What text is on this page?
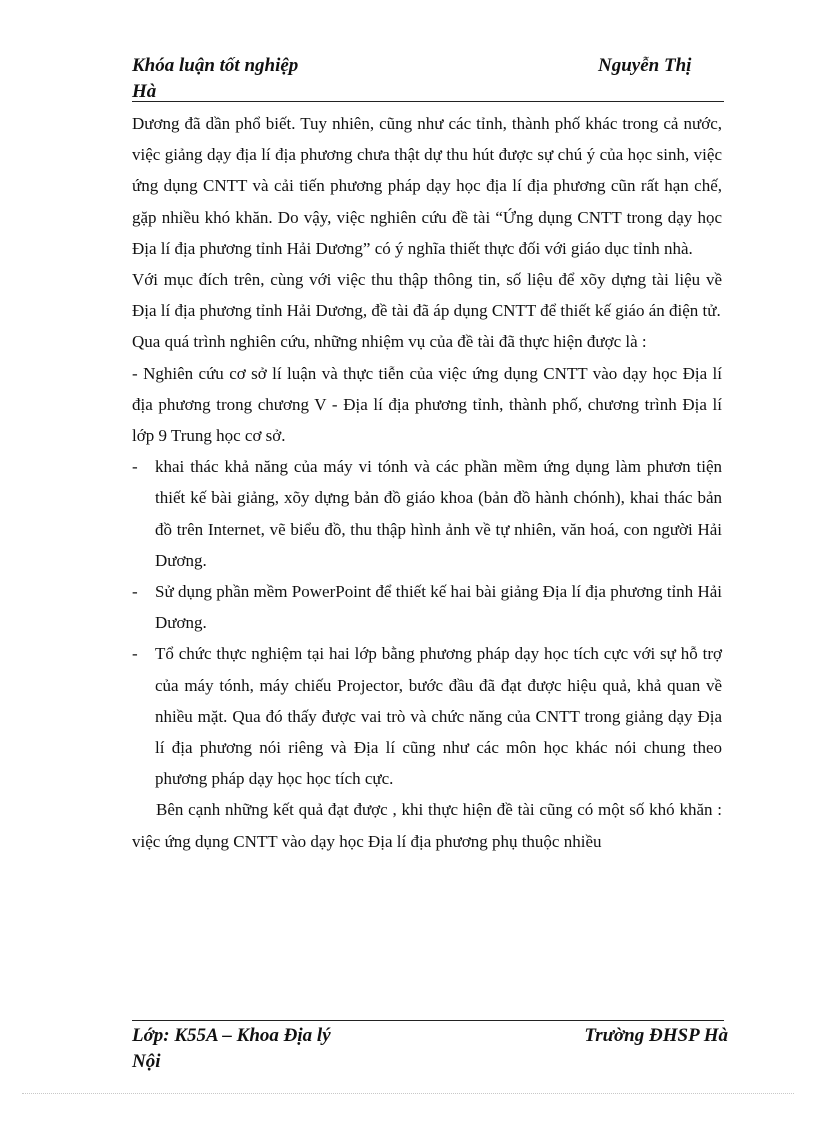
Khóa luận tốt nghiệp
Hà
Nguyễn Thị

Dương đã dần phổ biết. Tuy nhiên, cũng như các tỉnh, thành phố khác trong cả nước, việc giảng dạy địa lí địa phương chưa thật dự thu hút được sự chú ý của học sinh, việc ứng dụng CNTT và cải tiến phương pháp dạy học địa lí địa phương cũn rất hạn chế, gặp nhiều khó khăn. Do vậy, việc nghiên cứu đề tài “Ứng dụng CNTT trong dạy học Địa lí địa phương tỉnh Hải Dương” có ý nghĩa thiết thực đối với giáo dục tỉnh nhà.

Với mục đích trên, cùng với việc thu thập thông tin, số liệu để xõy dựng tài liệu về Địa lí địa phương tỉnh Hải Dương, đề tài đã áp dụng CNTT để thiết kế giáo án điện tử.

Qua quá trình nghiên cứu, những nhiệm vụ của đề tài đã thực hiện được là :

- Nghiên cứu cơ sở lí luận và thực tiễn của việc ứng dụng CNTT vào dạy học Địa lí địa phương trong chương V - Địa lí địa phương tỉnh, thành phố, chương trình Địa lí lớp 9 Trung học cơ sở.

- khai thác khả năng của máy vi tónh và các phần mềm ứng dụng làm phươn tiện thiết kế bài giảng, xõy dựng bản đồ giáo khoa (bản đồ hành chónh), khai thác bản đồ trên Internet, vẽ biểu đồ, thu thập hình ảnh về tự nhiên, văn hoá, con người Hải Dương.
- Sử dụng phần mềm PowerPoint để thiết kế hai bài giảng Địa lí địa phương tỉnh Hải Dương.
- Tổ chức thực nghiệm tại hai lớp bằng phương pháp dạy học tích cực với sự hỗ trợ của máy tónh, máy chiếu Projector, bước đầu đã đạt được hiệu quả, khả quan về nhiều mặt. Qua đó thấy được vai trò và chức năng của CNTT trong giảng dạy Địa lí địa phương nói riêng và Địa lí cũng như các môn học khác nói chung theo phương pháp dạy học học tích cực.

Bên cạnh những kết quả đạt được , khi thực hiện đề tài cũng có một số khó khăn : việc ứng dụng CNTT vào dạy học Địa lí địa phương phụ thuộc nhiều

Lớp: K55A – Khoa Địa lý
Nội
Trường ĐHSP Hà
